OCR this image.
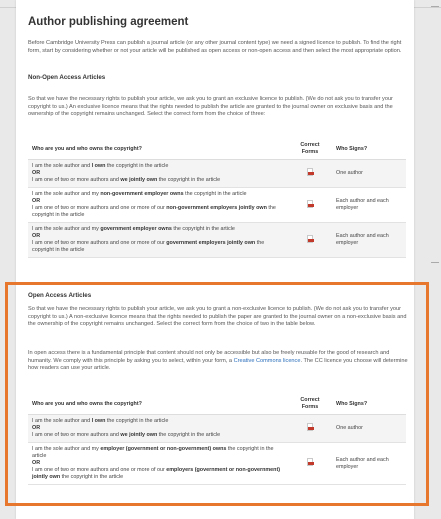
Author publishing agreement

Before Cambridge University Press can publish a journal article (or any other journal content type) we need a signed licence to publish. To find the right form, start by considering whether or not your article will be published as open access or non-open access and then select the most appropriate option.

Non-Open Access Articles

So that we have the necessary rights to publish your article, we ask you to grant an exclusive licence to publish. (We do not ask you to transfer your copyright to us.) An exclusive licence means that the rights needed to publish the article are granted to the journal owner on exclusive basis and the ownership of the copyright remains unchanged. Select the correct form from the choice of three:

Who are you and who owns the copyright?	Correct Forms	Who Signs?
I am the sole author and I own the copyright in the article
OR
I am one of two or more authors and we jointly own the copyright in the article		One author
I am the sole author and my non-government employer owns the copyright in the article
OR
I am one of two or more authors and one or more of our non-government employers jointly own the copyright in the article		Each author and each employer
I am the sole author and my government employer owns the copyright in the article
OR
I am one of two or more authors and one or more of our government employers jointly own the copyright in the article		Each author and each employer

Open Access Articles

So that we have the necessary rights to publish your article, we ask you to grant a non-exclusive licence to publish. (We do not ask you to transfer your copyright to us.) A non-exclusive licence means that the rights needed to publish the paper are granted to the journal owner on a non-exclusive basis and the ownership of the copyright remains unchanged. Select the correct form from the choice of two in the table below.

In open access there is a fundamental principle that content should not only be accessible but also be freely reusable for the good of research and humanity. We comply with this principle by asking you to select, within your form, a Creative Commons licence. The CC licence you choose will determine how readers can use your article.

Who are you and who owns the copyright?	Correct Forms	Who Signs?
I am the sole author and I own the copyright in the article
OR
I am one of two or more authors and we jointly own the copyright in the article		One author
I am the sole author and my employer (government or non-government) owns the copyright in the article
OR
I am one of two or more authors and one or more of our employers (government or non-government) jointly own the copyright in the article		Each author and each employer
